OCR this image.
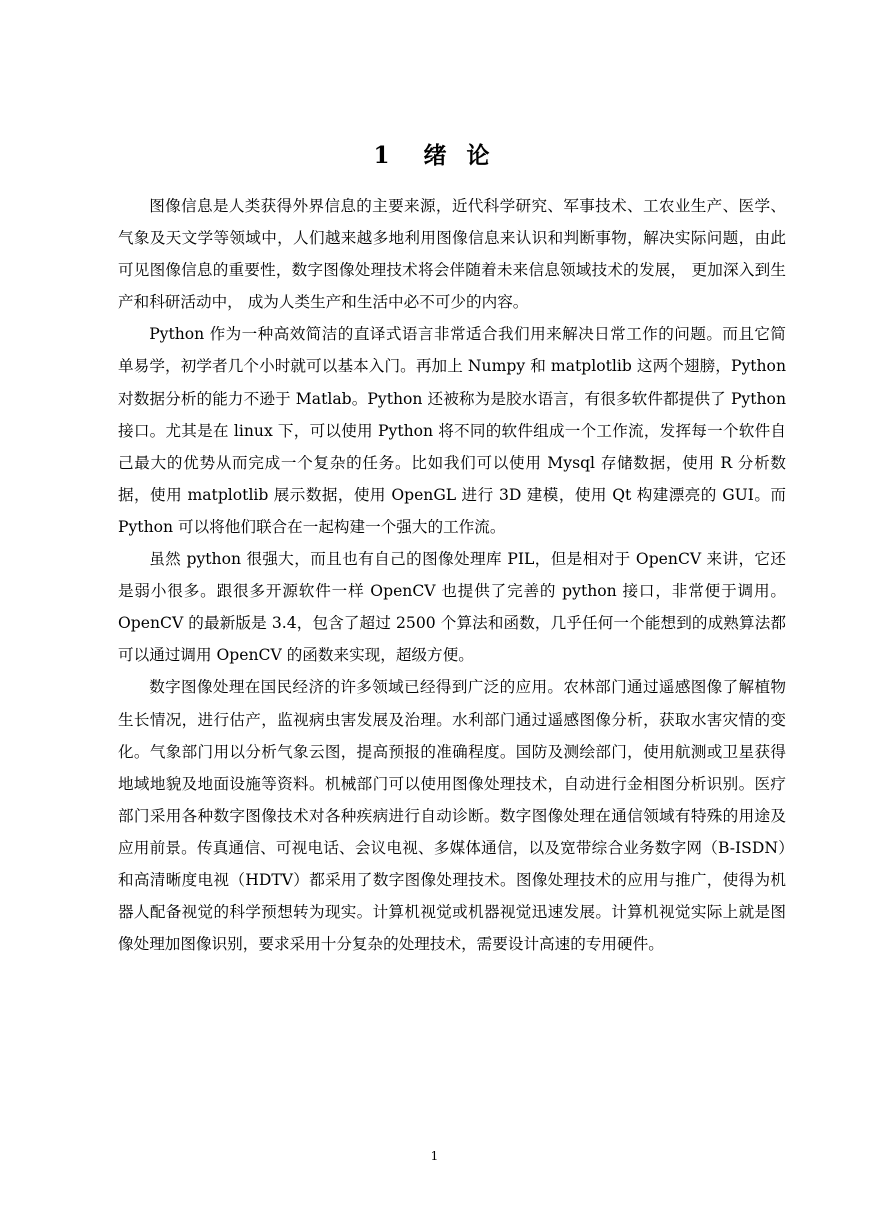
1  绪 论

图像信息是人类获得外界信息的主要来源，近代科学研究、军事技术、工农业生产、医学、气象及天文学等领域中，人们越来越多地利用图像信息来认识和判断事物，解决实际问题，由此可见图像信息的重要性，数字图像处理技术将会伴随着未来信息领域技术的发展， 更加深入到生产和科研活动中， 成为人类生产和生活中必不可少的内容。

Python 作为一种高效简洁的直译式语言非常适合我们用来解决日常工作的问题。而且它简单易学，初学者几个小时就可以基本入门。再加上 Numpy 和 matplotlib 这两个翅膀，Python 对数据分析的能力不逊于 Matlab。Python 还被称为是胶水语言，有很多软件都提供了 Python 接口。尤其是在 linux 下，可以使用 Python 将不同的软件组成一个工作流，发挥每一个软件自己最大的优势从而完成一个复杂的任务。比如我们可以使用 Mysql 存储数据，使用 R 分析数据，使用 matplotlib 展示数据，使用 OpenGL 进行 3D 建模，使用 Qt 构建漂亮的 GUI。而 Python 可以将他们联合在一起构建一个强大的工作流。

虽然 python 很强大，而且也有自己的图像处理库 PIL，但是相对于 OpenCV 来讲，它还是弱小很多。跟很多开源软件一样 OpenCV 也提供了完善的 python 接口，非常便于调用。OpenCV 的最新版是 3.4，包含了超过 2500 个算法和函数，几乎任何一个能想到的成熟算法都可以通过调用 OpenCV 的函数来实现，超级方便。

数字图像处理在国民经济的许多领域已经得到广泛的应用。农林部门通过遥感图像了解植物生长情况，进行估产，监视病虫害发展及治理。水利部门通过遥感图像分析，获取水害灾情的变化。气象部门用以分析气象云图，提高预报的准确程度。国防及测绘部门，使用航测或卫星获得地域地貌及地面设施等资料。机械部门可以使用图像处理技术，自动进行金相图分析识别。医疗部门采用各种数字图像技术对各种疾病进行自动诊断。数字图像处理在通信领域有特殊的用途及应用前景。传真通信、可视电话、会议电视、多媒体通信，以及宽带综合业务数字网（B-ISDN）和高清晰度电视（HDTV）都采用了数字图像处理技术。图像处理技术的应用与推广，使得为机器人配备视觉的科学预想转为现实。计算机视觉或机器视觉迅速发展。计算机视觉实际上就是图像处理加图像识别，要求采用十分复杂的处理技术，需要设计高速的专用硬件。

1
